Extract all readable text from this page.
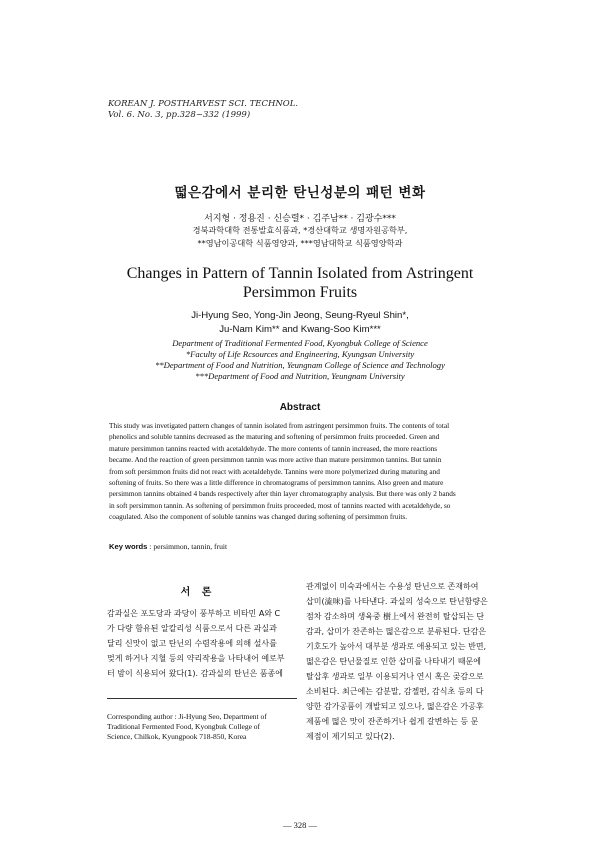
KOREAN J. POSTHARVEST SCI. TECHNOL.
Vol. 6. No. 3, pp.328~332 (1999)
떫은감에서 분리한 탄닌성분의 패턴 변화
서지형 · 정용진 · 신승렬* · 김주남** · 김광수***
경북과학대학 전통발효식품과, *경산대학교 생명자원공학부,
**영남이공대학 식품영양과, ***영남대학교 식품영양학과
Changes in Pattern of Tannin Isolated from Astringent
Persimmon Fruits
Ji-Hyung Seo, Yong-Jin Jeong, Seung-Ryeul Shin*,
Ju-Nam Kim** and Kwang-Soo Kim***
Department of Traditional Fermented Food, Kyongbuk College of Science
*Faculty of Life Rcsources and Engineering, Kyungsan University
**Department of Food and Nutrition, Yeungnam College of Science and Technology
***Department of Food and Nutrition, Yeungnam University
Abstract
This study was invetigated pattern changes of tannin isolated from astringent persimmon fruits. The contents of total
phenolics and soluble tannins decreased as the maturing and softening of persimmon fruits proceeded. Green and
mature persimmon tannins reacted with acetaldehyde. The more contents of tannin increased, the more reactions
became. And the reaction of green persimmon tannin was more active than mature persimmon tannins. But tannin
from soft persimmon fruits did not react with acetaldehyde. Tannins were more polymerized during maturing and
softening of fruits. So there was a little difference in chromatograms of persimmon tannins. Also green and mature
persimmon tannins obtained 4 bands respectively after thin layer chromatography analysis. But there was only 2 bands
in soft persimmon tannin. As softening of persimmon fruits proceeded, most of tannins reacted with acetaldehyde, so
coagulated. Also the component of soluble tannins was changed during softening of persimmon fruits.
Key words : persimmon, tannin, fruit
서 론
감과실은 포도당과 과당이 풍부하고 비타민 A와 C
가 다량 함유된 알칼리성 식품으로서 다른 과실과
달리 신맛이 없고 탄닌의 수렴작용에 의해 설사를
멎게 하거나 지혈 등의 약리작용을 나타내어 예로부
터 밤이 식용되어 왔다(1). 감과실의 탄닌은 품종에
관계없이 미숙과에서는 수용성 탄닌으로 존재하여
삽미(澁味)를 나타낸다. 과실의 성숙으로 탄닌함량은
점차 감소하며 생육중 樹上에서 완전히 탈삽되는 단
감과, 삽미가 잔존하는 떫은감으로 분류된다. 단감은
기호도가 높아서 대부분 생과로 애용되고 있는 반면,
떫은감은 탄닌물질로 인한 삽미를 나타내기 때문에
탈삽후 생과로 일부 이용되거나 연시 혹은 곶감으로
소비된다. 최근에는 감분말, 감젤편, 감식초 등의 다
양한 감가공품이 개발되고 있으나, 떫은감은 가공후
제품에 떫은 맛이 잔존하거나 쉽게 갈변하는 등 문
제점이 제기되고 있다(2).
Corresponding author : Ji-Hyung Seo, Department of
Traditional Fermented Food, Kyongbuk College of
Science, Chilkok, Kyungpook 718-850, Korea
— 328 —
